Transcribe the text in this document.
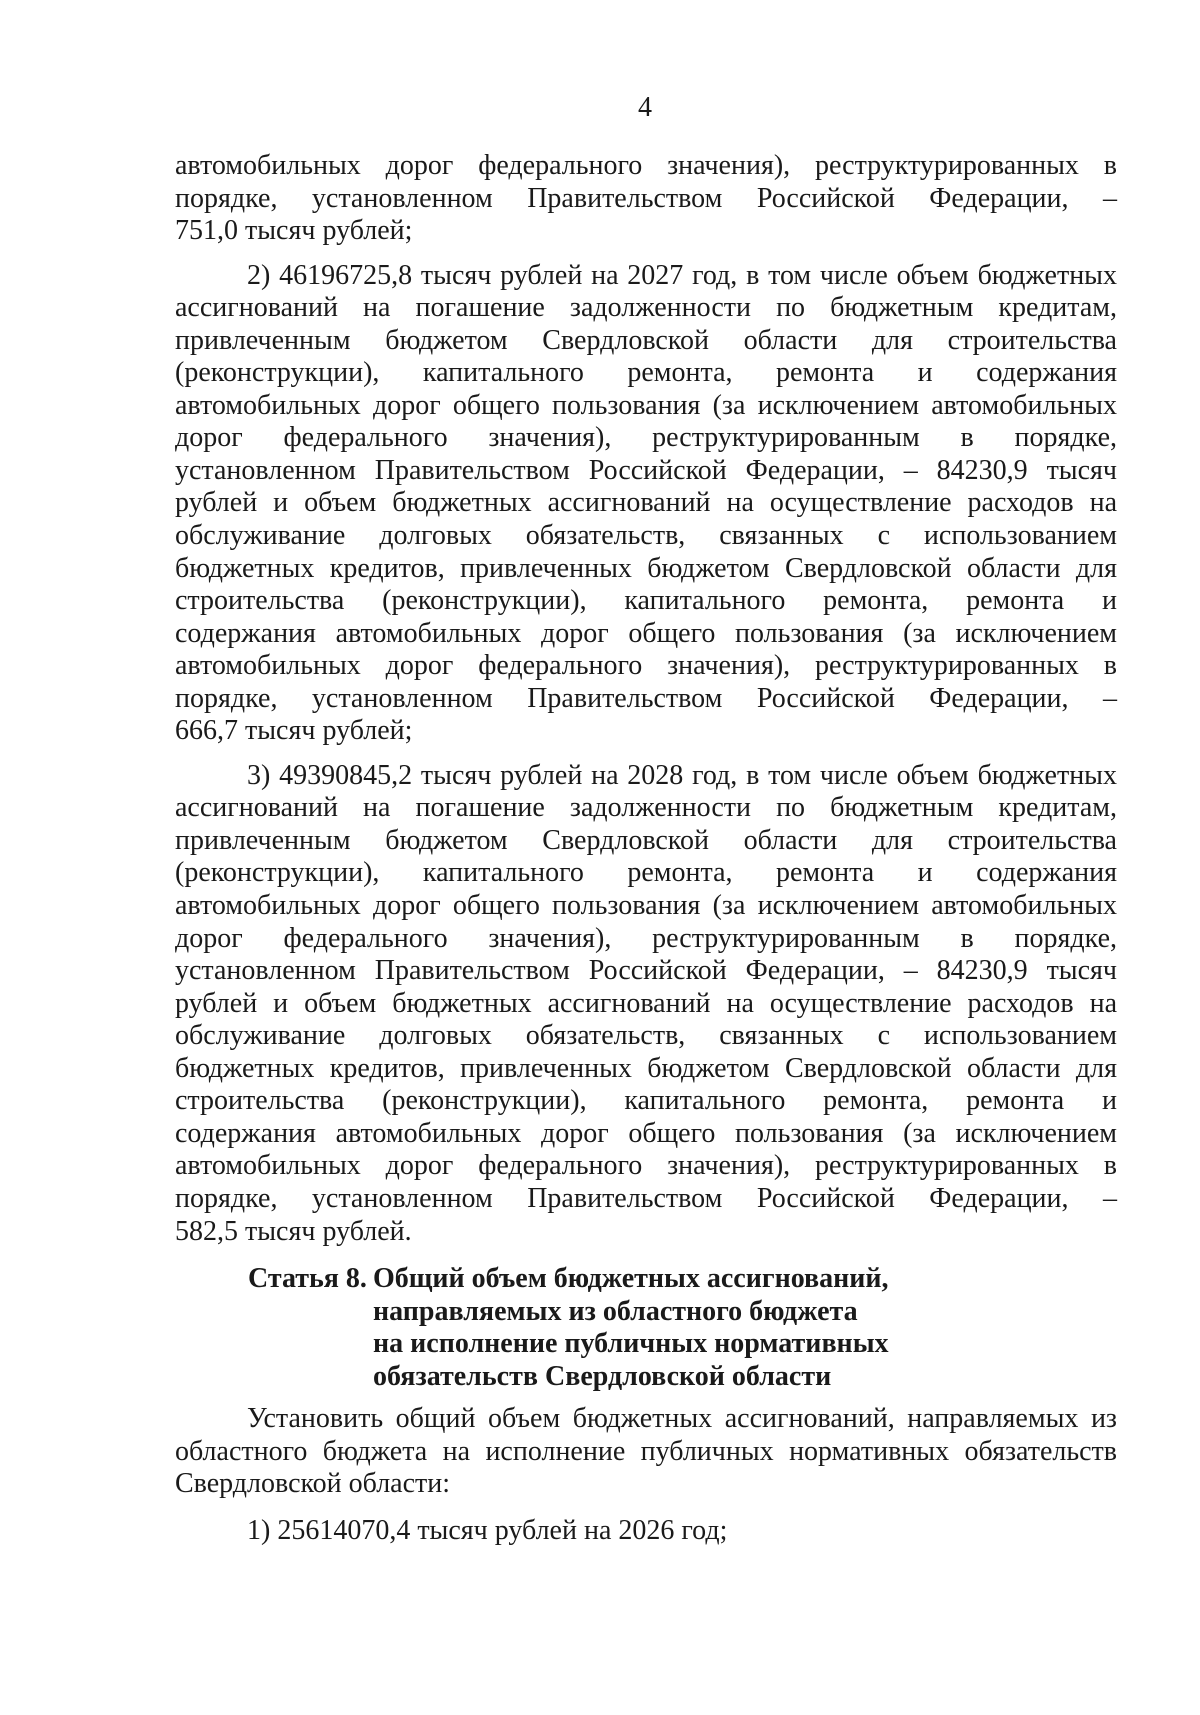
4

автомобильных дорог федерального значения), реструктурированных в
порядке, установленном Правительством Российской Федерации, –
751,0 тысяч рублей;

2) 46196725,8 тысяч рублей на 2027 год, в том числе объем бюджетных
ассигнований на погашение задолженности по бюджетным кредитам,
привлеченным бюджетом Свердловской области для строительства
(реконструкции), капитального ремонта, ремонта и содержания
автомобильных дорог общего пользования (за исключением автомобильных
дорог федерального значения), реструктурированным в порядке,
установленном Правительством Российской Федерации, – 84230,9 тысяч
рублей и объем бюджетных ассигнований на осуществление расходов на
обслуживание долговых обязательств, связанных с использованием
бюджетных кредитов, привлеченных бюджетом Свердловской области для
строительства (реконструкции), капитального ремонта, ремонта и
содержания автомобильных дорог общего пользования (за исключением
автомобильных дорог федерального значения), реструктурированных в
порядке, установленном Правительством Российской Федерации, –
666,7 тысяч рублей;

3) 49390845,2 тысяч рублей на 2028 год, в том числе объем бюджетных
ассигнований на погашение задолженности по бюджетным кредитам,
привлеченным бюджетом Свердловской области для строительства
(реконструкции), капитального ремонта, ремонта и содержания
автомобильных дорог общего пользования (за исключением автомобильных
дорог федерального значения), реструктурированным в порядке,
установленном Правительством Российской Федерации, – 84230,9 тысяч
рублей и объем бюджетных ассигнований на осуществление расходов на
обслуживание долговых обязательств, связанных с использованием
бюджетных кредитов, привлеченных бюджетом Свердловской области для
строительства (реконструкции), капитального ремонта, ремонта и
содержания автомобильных дорог общего пользования (за исключением
автомобильных дорог федерального значения), реструктурированных в
порядке, установленном Правительством Российской Федерации, –
582,5 тысяч рублей.

Статья 8. Общий объем бюджетных ассигнований,
направляемых из областного бюджета
на исполнение публичных нормативных
обязательств Свердловской области

Установить общий объем бюджетных ассигнований, направляемых из
областного бюджета на исполнение публичных нормативных обязательств
Свердловской области:

1) 25614070,4 тысяч рублей на 2026 год;
